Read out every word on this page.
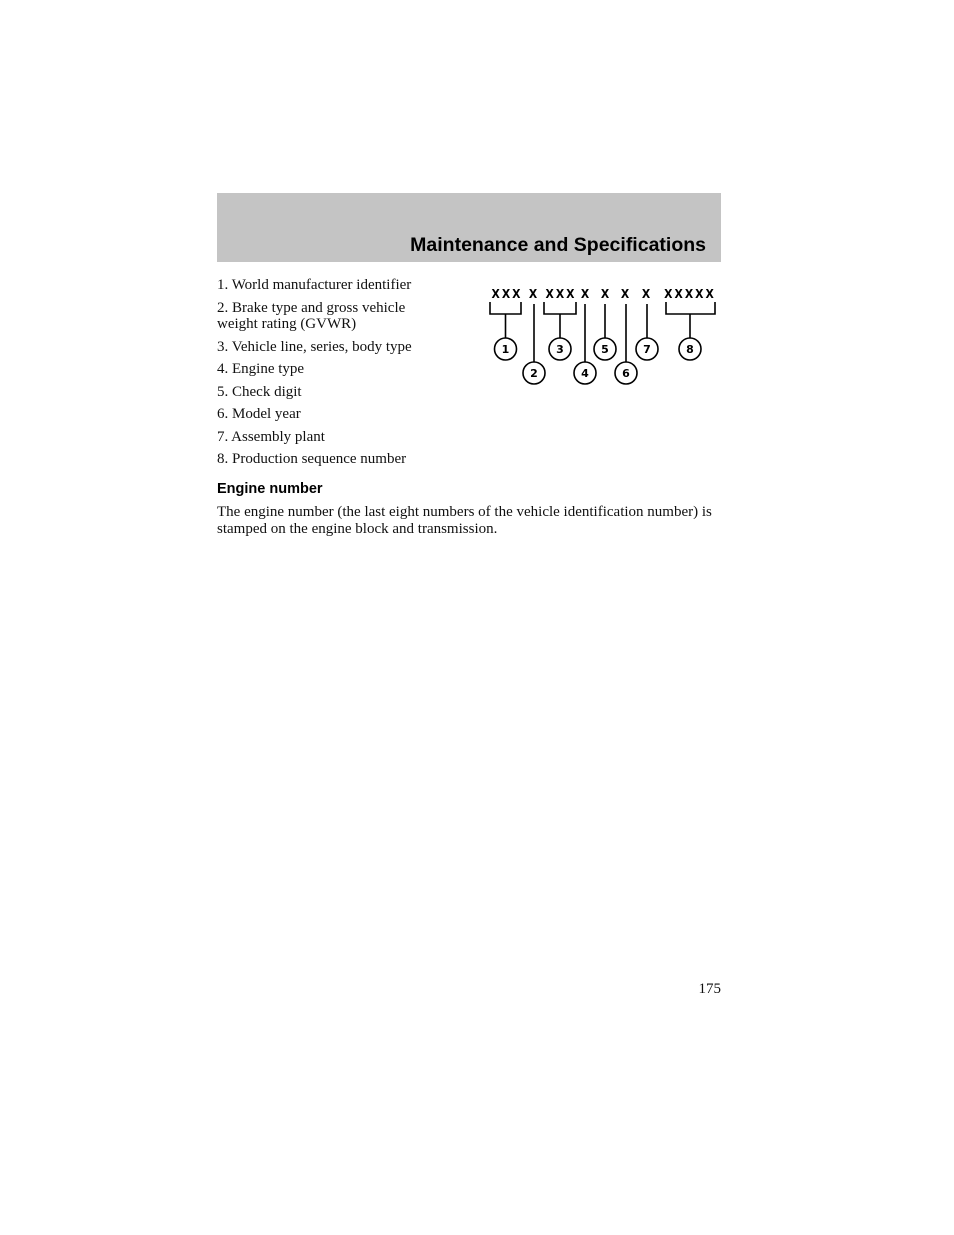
Maintenance and Specifications
1. World manufacturer identifier
2. Brake type and gross vehicle weight rating (GVWR)
3. Vehicle line, series, body type
4. Engine type
5. Check digit
6. Model year
7. Assembly plant
8. Production sequence number
XXX X XXX X X X X XXXXX
1
2
3
4
5
6
7	8
Engine number

The engine number (the last eight numbers of the vehicle identification number) is stamped on the engine block and transmission.

175
